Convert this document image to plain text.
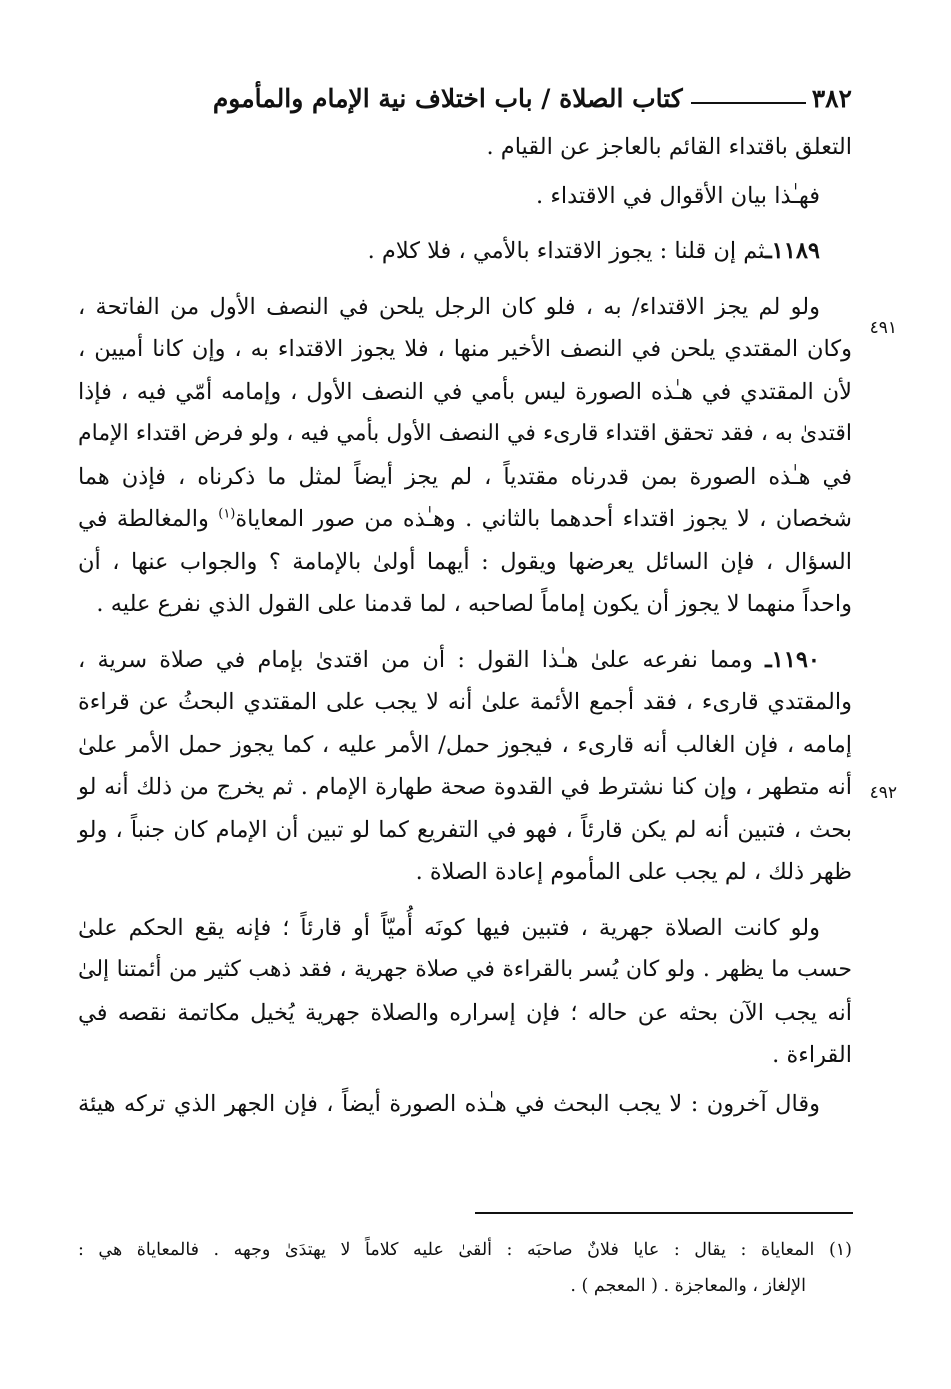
٣٨٢
كتاب الصلاة / باب اختلاف نية الإمام والمأموم
٤٩١
٤٩٢

التعلق باقتداء القائم بالعاجز عن القيام .

فهـٰذا بيان الأقوال في الاقتداء .

١١٨٩ـثم إن قلنا : يجوز الاقتداء بالأمي ، فلا كلام .

ولو لم يجز الاقتداء/ به ، فلو كان الرجل يلحن في النصف الأول من الفاتحة ،
وكان المقتدي يلحن في النصف الأخير منها ، فلا يجوز الاقتداء به ، وإن كانا أميين ،
لأن المقتدي في هـٰذه الصورة ليس بأمي في النصف الأول ، وإمامه أمّي فيه ، فإذا
اقتدىٰ به ، فقد تحقق اقتداء قارىء في النصف الأول بأمي فيه ، ولو فرض اقتداء الإمام
في هـٰذه الصورة بمن قدرناه مقتدياً ، لم يجز أيضاً لمثل ما ذكرناه ، فإذن هما
شخصان ، لا يجوز اقتداء أحدهما بالثاني . وهـٰذه من صور المعاياة$^{(١)}$ والمغالطة في
السؤال ، فإن السائل يعرضها ويقول : أيهما أولىٰ بالإمامة ؟ والجواب عنها ، أن
واحداً منهما لا يجوز أن يكون إماماً لصاحبه ، لما قدمنا على القول الذي نفرع عليه .

١١٩٠ـ ومما نفرعه علىٰ هـٰذا القول : أن من اقتدىٰ بإمام في صلاة سرية ،
والمقتدي قارىء ، فقد أجمع الأئمة علىٰ أنه لا يجب على المقتدي البحثُ عن قراءة
إمامه ، فإن الغالب أنه قارىء ، فيجوز حمل/ الأمر عليه ، كما يجوز حمل الأمر علىٰ
أنه متطهر ، وإن كنا نشترط في القدوة صحة طهارة الإمام . ثم يخرج من ذلك أنه لو
بحث ، فتبين أنه لم يكن قارئاً ، فهو في التفريع كما لو تبين أن الإمام كان جنباً ، ولو
ظهر ذلك ، لم يجب على المأموم إعادة الصلاة .

ولو كانت الصلاة جهرية ، فتبين فيها كونَه أُميّاً أو قارئاً ؛ فإنه يقع الحكم علىٰ
حسب ما يظهر . ولو كان يُسر بالقراءة في صلاة جهرية ، فقد ذهب كثير من أئمتنا إلىٰ
أنه يجب الآن بحثه عن حاله ؛ فإن إسراره والصلاة جهرية يُخيل مكاتمة نقصه في
القراءة .

وقال آخرون : لا يجب البحث في هـٰذه الصورة أيضاً ، فإن الجهر الذي تركه هيئة

(١) المعاياة : يقال : عايا فلانٌ صاحبَه : ألقىٰ عليه كلاماً لا يهتدَىٰ وجهه . فالمعاياة هي :
الإلغاز ، والمعاجزة . ( المعجم ) .
